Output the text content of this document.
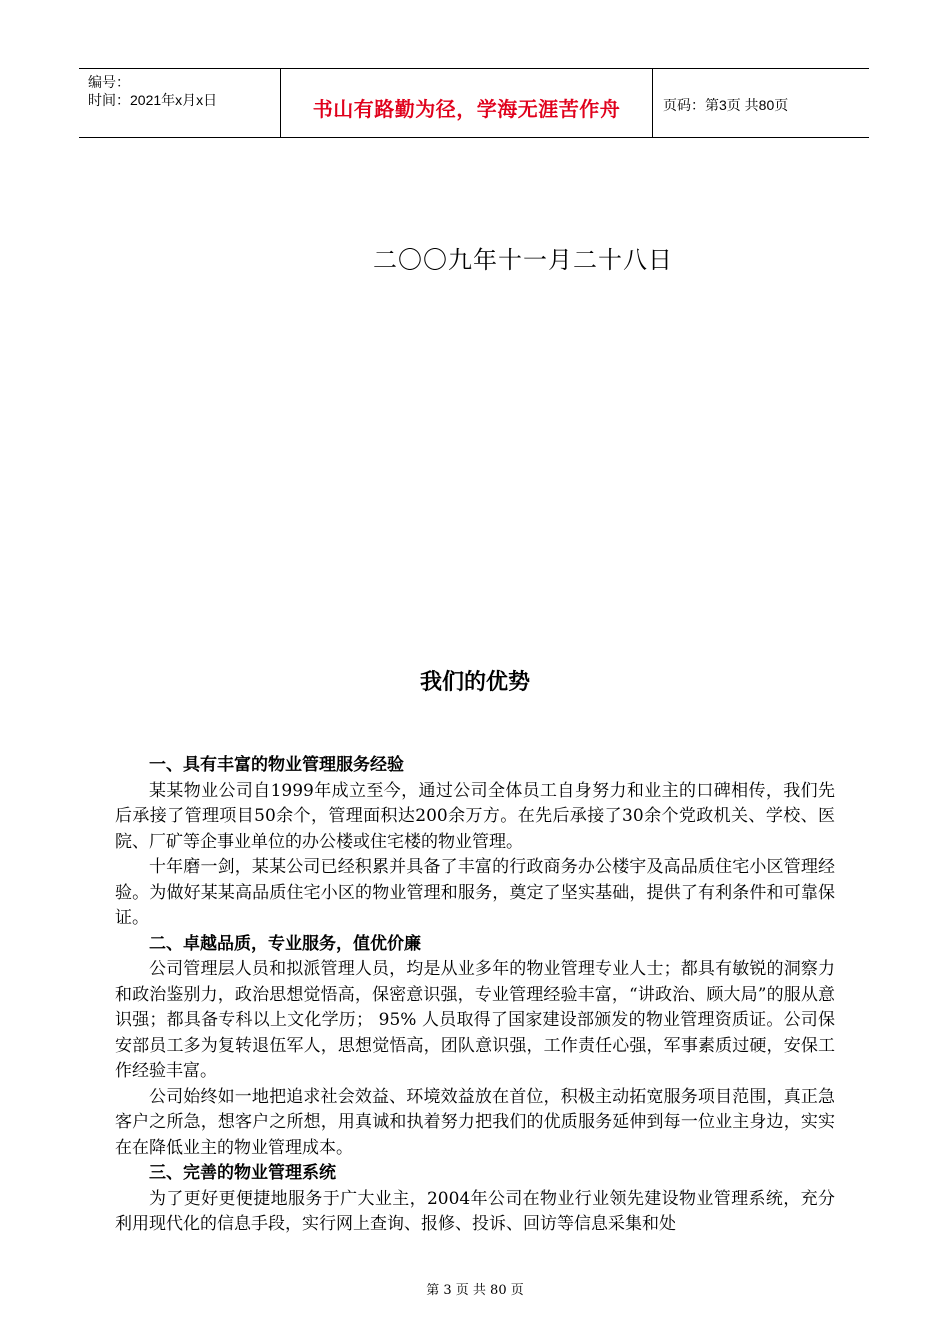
编号：
时间：2021年x月x日	书山有路勤为径，学海无涯苦作舟	页码：第3页 共80页
二〇〇九年十一月二十八日
我们的优势
一、具有丰富的物业管理服务经验

某某物业公司自1999年成立至今，通过公司全体员工自身努力和业主的口碑相传，我们先后承接了管理项目50余个，管理面积达200余万方。在先后承接了30余个党政机关、学校、医院、厂矿等企事业单位的办公楼或住宅楼的物业管理。

十年磨一剑，某某公司已经积累并具备了丰富的行政商务办公楼宇及高品质住宅小区管理经验。为做好某某高品质住宅小区的物业管理和服务，奠定了坚实基础，提供了有利条件和可靠保证。

二、卓越品质，专业服务，值优价廉

公司管理层人员和拟派管理人员，均是从业多年的物业管理专业人士；都具有敏锐的洞察力和政治鉴别力，政治思想觉悟高，保密意识强，专业管理经验丰富，“讲政治、顾大局”的服从意识强；都具备专科以上文化学历； 95% 人员取得了国家建设部颁发的物业管理资质证。公司保安部员工多为复转退伍军人，思想觉悟高，团队意识强，工作责任心强，军事素质过硬，安保工作经验丰富。

公司始终如一地把追求社会效益、环境效益放在首位，积极主动拓宽服务项目范围，真正急客户之所急，想客户之所想，用真诚和执着努力把我们的优质服务延伸到每一位业主身边，实实在在降低业主的物业管理成本。

三、完善的物业管理系统

为了更好更便捷地服务于广大业主，2004年公司在物业行业领先建设物业管理系统，充分利用现代化的信息手段，实行网上查询、报修、投诉、回访等信息采集和处

第 3 页 共 80 页
